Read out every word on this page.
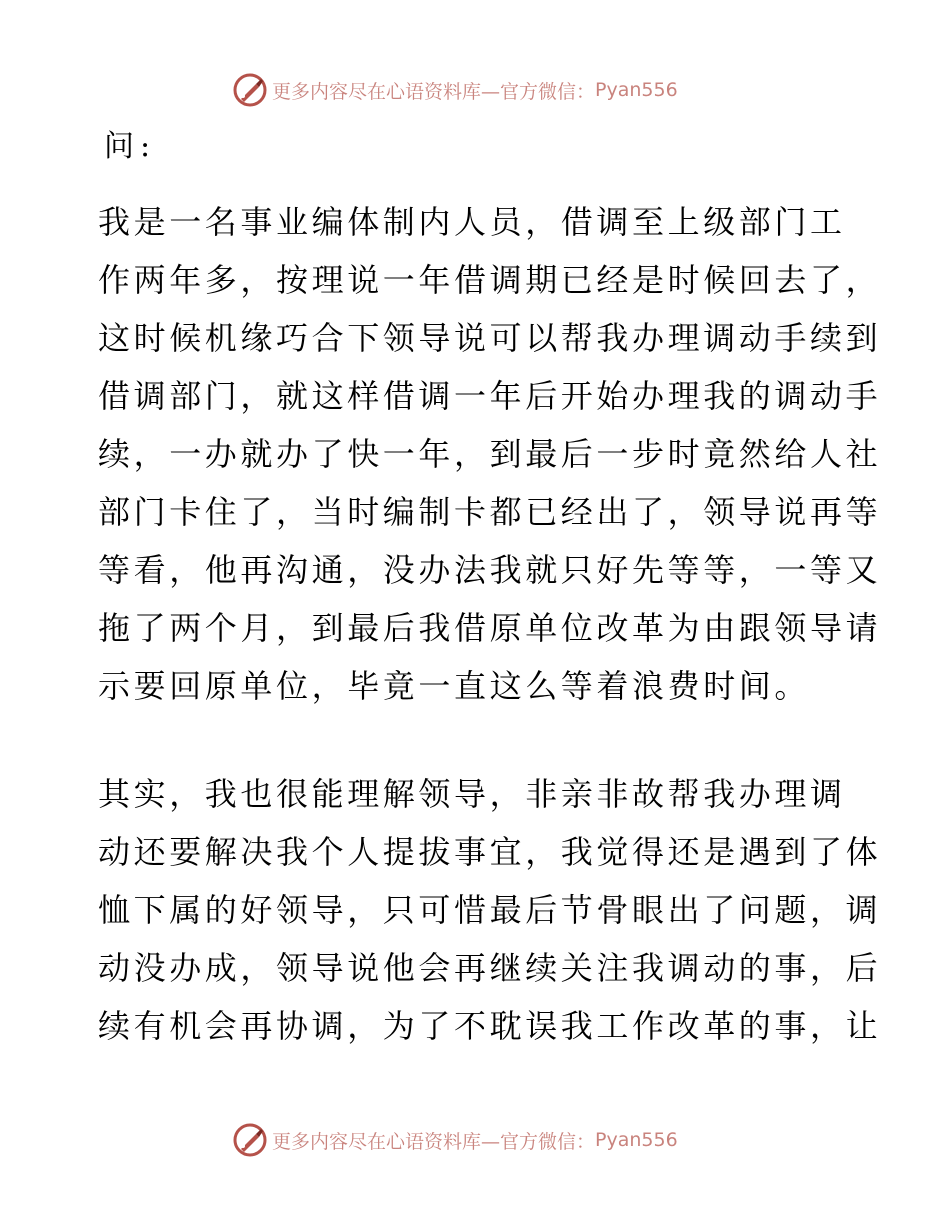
更多内容尽在心语资料库—官方微信： Pyan556
问:
我是一名事业编体制内人员，借调至上级部门工
作两年多，按理说一年借调期已经是时候回去了，
这时候机缘巧合下领导说可以帮我办理调动手续到
借调部门，就这样借调一年后开始办理我的调动手
续，一办就办了快一年，到最后一步时竟然给人社
部门卡住了，当时编制卡都已经出了，领导说再等
等看，他再沟通，没办法我就只好先等等，一等又
拖了两个月，到最后我借原单位改革为由跟领导请
示要回原单位，毕竟一直这么等着浪费时间。
其实，我也很能理解领导，非亲非故帮我办理调
动还要解决我个人提拔事宜，我觉得还是遇到了体
恤下属的好领导，只可惜最后节骨眼出了问题，调
动没办成，领导说他会再继续关注我调动的事，后
续有机会再协调，为了不耽误我工作改革的事，让
更多内容尽在心语资料库—官方微信： Pyan556
